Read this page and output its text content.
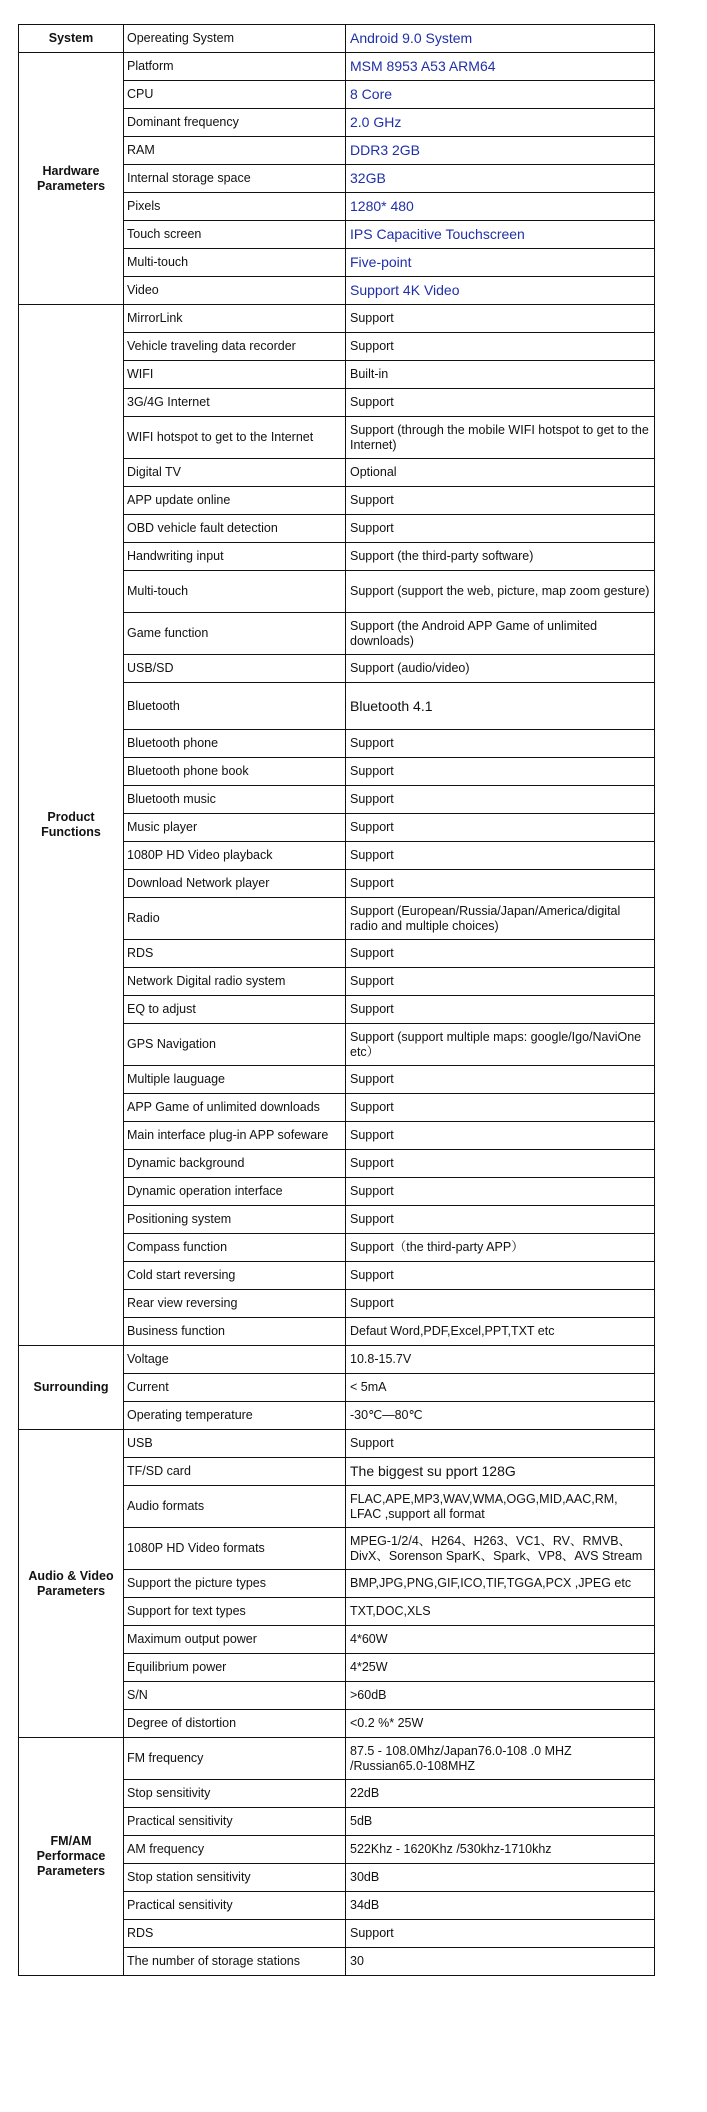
System	Opereating System	Android 9.0 System
Hardware Parameters	Platform	MSM 8953 A53 ARM64
	CPU	8 Core
	Dominant frequency	2.0 GHz
	RAM	DDR3 2GB
	Internal storage space	32GB
	Pixels	1280* 480
	Touch screen	IPS Capacitive Touchscreen
	Multi-touch	Five-point
	Video	Support 4K Video
Product Functions	MirrorLink	Support
	Vehicle traveling data recorder	Support
	WIFI	Built-in
	3G/4G Internet	Support
	WIFI hotspot to get to the Internet	Support (through the mobile WIFI hotspot to get to the Internet)
	Digital TV	Optional
	APP update online	Support
	OBD vehicle fault detection	Support
	Handwriting input	Support (the third-party software)
	Multi-touch	Support (support the web, picture, map zoom gesture)
	Game function	Support (the Android APP Game of unlimited downloads)
	USB/SD	Support (audio/video)
	Bluetooth	Bluetooth 4.1
	Bluetooth phone	Support
	Bluetooth phone book	Support
	Bluetooth music	Support
	Music player	Support
	1080P HD Video playback	Support
	Download Network player	Support
	Radio	Support (European/Russia/Japan/America/digital radio and multiple choices)
	RDS	Support
	Network Digital radio system	Support
	EQ to adjust	Support
	GPS Navigation	Support (support multiple maps: google/Igo/NaviOne etc）
	Multiple lauguage	Support
	APP Game of unlimited downloads	Support
	Main interface plug-in APP sofeware	Support
	Dynamic background	Support
	Dynamic operation interface	Support
	Positioning system	Support
	Compass function	Support（the third-party APP）
	Cold start reversing	Support
	Rear view reversing	Support
	Business function	Defaut Word,PDF,Excel,PPT,TXT etc
Surrounding	Voltage	10.8-15.7V
	Current	< 5mA
	Operating temperature	-30℃—80℃
Audio & Video Parameters	USB	Support
	TF/SD card	The biggest su pport 128G
	Audio formats	FLAC,APE,MP3,WAV,WMA,OGG,MID,AAC,RM, LFAC ,support all format
	1080P HD Video formats	MPEG-1/2/4、H264、H263、VC1、RV、RMVB、DivX、Sorenson SparK、Spark、VP8、AVS Stream
	Support the picture types	BMP,JPG,PNG,GIF,ICO,TIF,TGGA,PCX ,JPEG etc
	Support for text types	TXT,DOC,XLS
	Maximum output power	4*60W
	Equilibrium power	4*25W
	S/N	>60dB
	Degree of distortion	<0.2 %* 25W
FM/AM Performace Parameters	FM frequency	87.5 - 108.0Mhz/Japan76.0-108 .0 MHZ /Russian65.0-108MHZ
	Stop sensitivity	22dB
	Practical sensitivity	5dB
	AM frequency	522Khz - 1620Khz /530khz-1710khz
	Stop station sensitivity	30dB
	Practical sensitivity	34dB
	RDS	Support
	The number of storage stations	30
